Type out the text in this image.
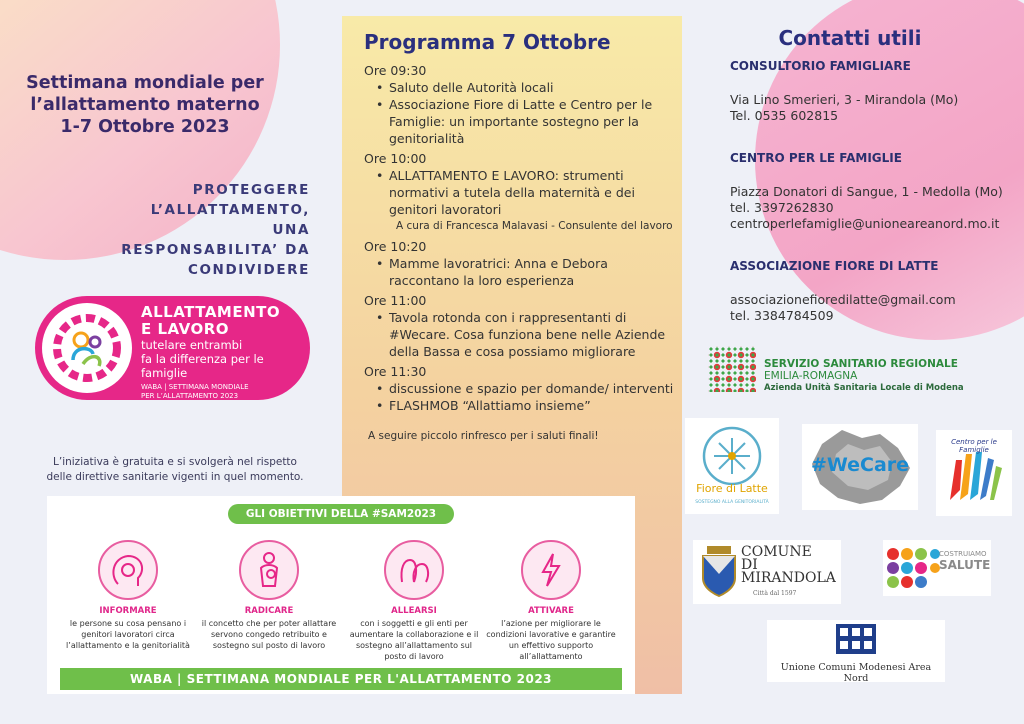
Settimana mondiale per
l’allattamento materno
1-7 Ottobre 2023
PROTEGGERE
L’ALLATTAMENTO, UNA
RESPONSABILITA’ DA
CONDIVIDERE
ALLATTAMENTO
E LAVORO
tutelare entrambi
fa la differenza per le famiglie
WABA | SETTIMANA MONDIALE
PER L’ALLATTAMENTO 2023
L’iniziativa è gratuita e si svolgerà nel rispetto delle direttive sanitarie vigenti in quel momento.
Programma 7 Ottobre
Ore 09:30
• Saluto delle Autorità locali
• Associazione Fiore di Latte e Centro per le Famiglie: un importante sostegno per la genitorialità
Ore 10:00
• ALLATTAMENTO E LAVORO: strumenti normativi a tutela della maternità e dei genitori lavoratori
A cura di Francesca Malavasi - Consulente del lavoro
Ore 10:20
• Mamme lavoratrici: Anna e Debora raccontano la loro esperienza
Ore 11:00
• Tavola rotonda con i rappresentanti di #Wecare. Cosa funziona bene nelle Aziende della Bassa e cosa possiamo migliorare
Ore 11:30
• discussione e spazio per domande/ interventi
• FLASHMOB “Allattiamo insieme”
A seguire piccolo rinfresco per i saluti finali!
Contatti utili
CONSULTORIO FAMIGLIARE
Via Lino Smerieri, 3 - Mirandola (Mo)
Tel. 0535 602815
CENTRO PER LE FAMIGLIE
Piazza Donatori di Sangue, 1 - Medolla (Mo)
tel. 3397262830
centroperlefamiglie@unioneareanord.mo.it
ASSOCIAZIONE FIORE DI LATTE
associazionefioredilatte@gmail.com
tel. 3384784509
SERVIZIO SANITARIO REGIONALE
EMILIA-ROMAGNA
Azienda Unità Sanitaria Locale di Modena
Fiore di Latte
SOSTEGNO ALLA GENITORIALITÀ
#WeCare
Centro per le Famiglie
COMUNE
DI
MIRANDOLA
Città dal 1597
COSTRUIAMO
SALUTE
Unione Comuni Modenesi Area Nord
GLI OBIETTIVI DELLA #SAM2023
INFORMARE
le persone su cosa pensano i genitori lavoratori circa l’allattamento e la genitorialità
RADICARE
il concetto che per poter allattare servono congedo retribuito e sostegno sul posto di lavoro
ALLEARSI
con i soggetti e gli enti per aumentare la collaborazione e il sostegno all’allattamento sul posto di lavoro
ATTIVARE
l’azione per migliorare le condizioni lavorative e garantire un effettivo supporto all’allattamento
WABA | SETTIMANA MONDIALE PER L'ALLATTAMENTO 2023
